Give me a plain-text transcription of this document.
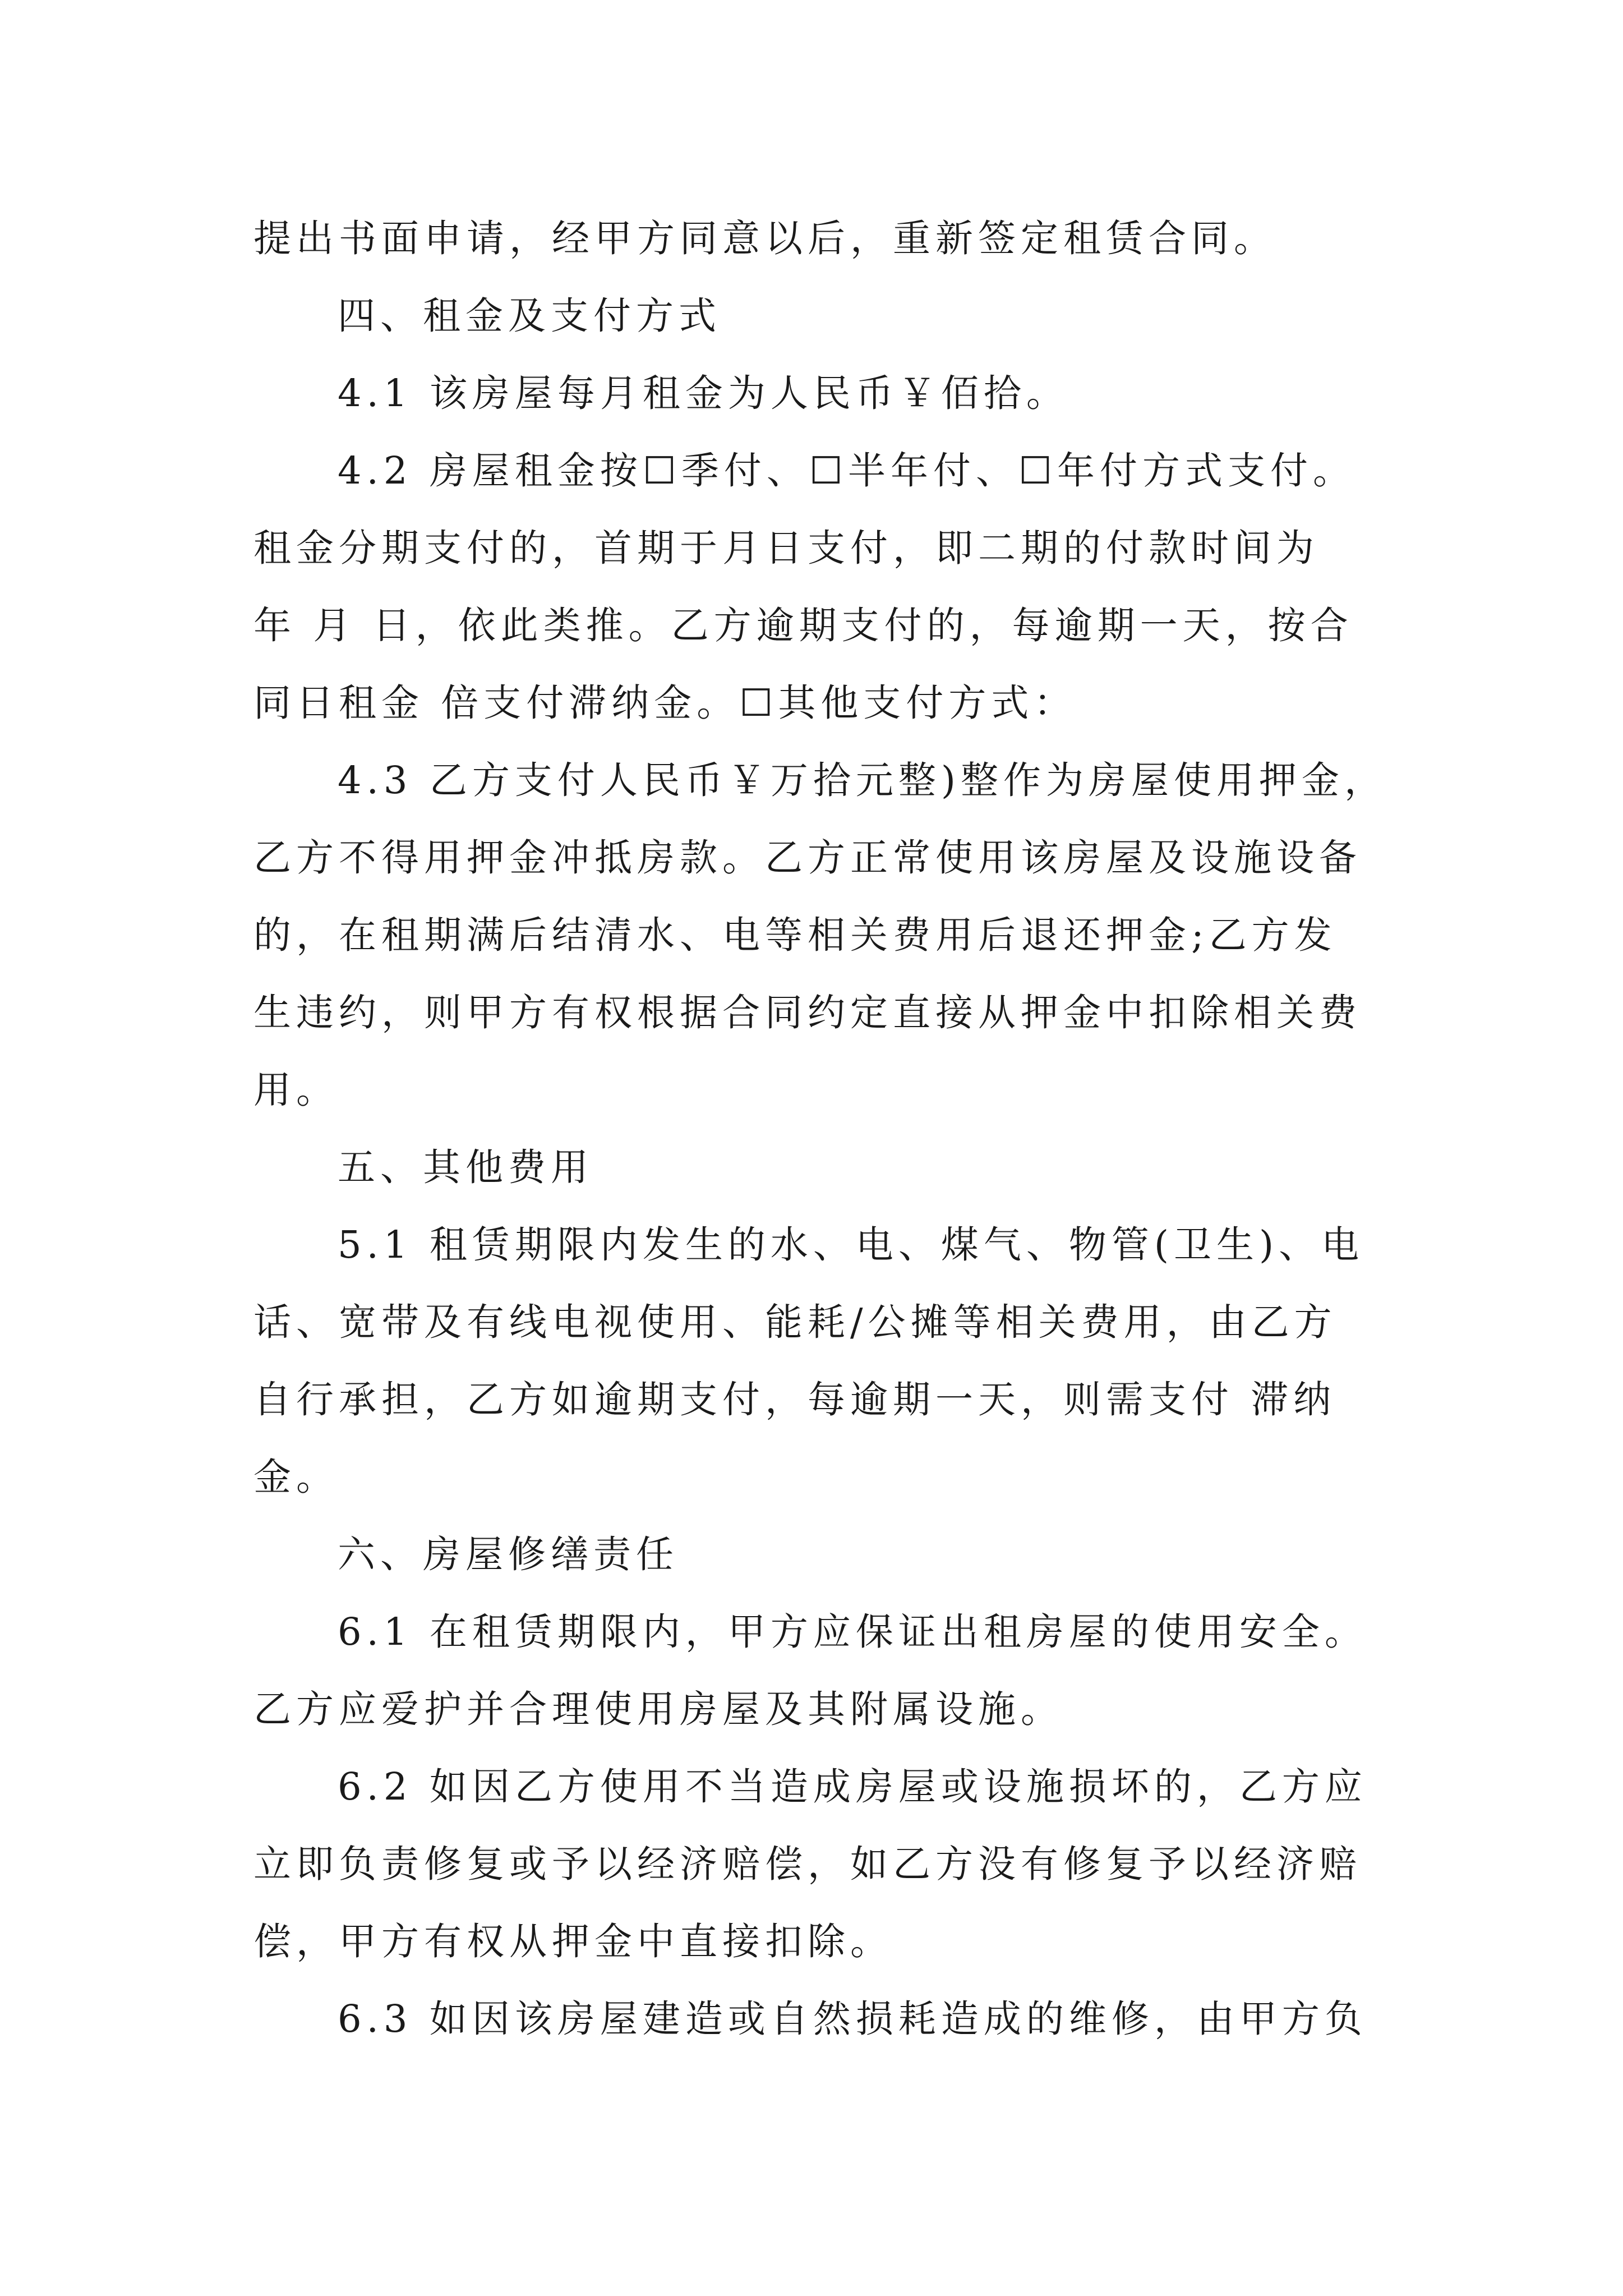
提出书面申请，经甲方同意以后，重新签定租赁合同。
四、租金及支付方式
4.1 该房屋每月租金为人民币￥佰拾。
4.2 房屋租金按☐季付、☐半年付、☐年付方式支付。
租金分期支付的，首期于月日支付，即二期的付款时间为
年 月 日，依此类推。乙方逾期支付的，每逾期一天，按合
同日租金 倍支付滞纳金。☐其他支付方式：
4.3 乙方支付人民币￥万拾元整)整作为房屋使用押金，
乙方不得用押金冲抵房款。乙方正常使用该房屋及设施设备
的，在租期满后结清水、电等相关费用后退还押金;乙方发
生违约，则甲方有权根据合同约定直接从押金中扣除相关费
用。
五、其他费用
5.1 租赁期限内发生的水、电、煤气、物管(卫生)、电
话、宽带及有线电视使用、能耗/公摊等相关费用，由乙方
自行承担，乙方如逾期支付，每逾期一天，则需支付 滞纳
金。
六、房屋修缮责任
6.1 在租赁期限内，甲方应保证出租房屋的使用安全。
乙方应爱护并合理使用房屋及其附属设施。
6.2 如因乙方使用不当造成房屋或设施损坏的，乙方应
立即负责修复或予以经济赔偿，如乙方没有修复予以经济赔
偿，甲方有权从押金中直接扣除。
6.3 如因该房屋建造或自然损耗造成的维修，由甲方负
